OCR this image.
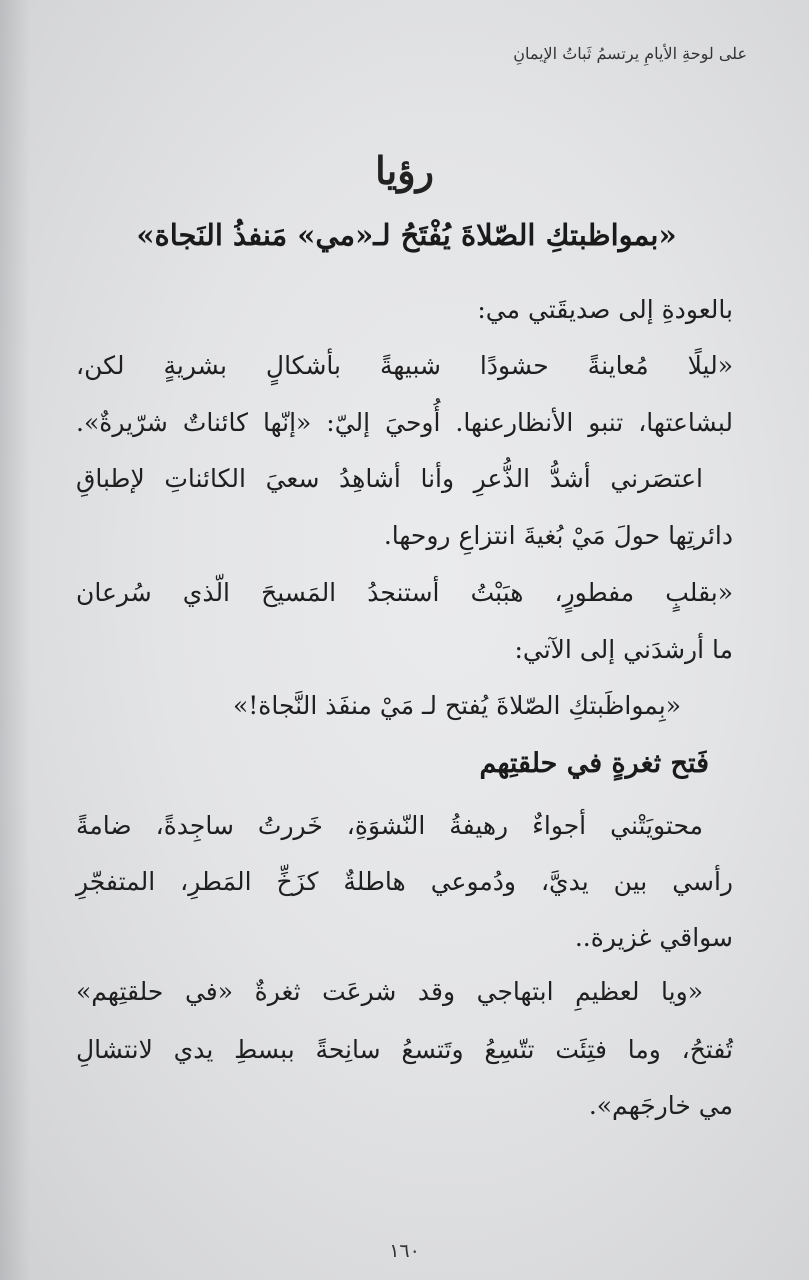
على لوحةِ الأيامِ يرتسمُ ثَباتُ الإيمانِ
رؤيا
«بمواظبتكِ الصّلاةَ يُفْتَحُ لـ«مي» مَنفذُ النَجاة»
بالعودةِ إلى صديقَتي مي:
«ليلًا مُعاينةً حشودًا شبيهةً بأشكالٍ بشريةٍ لكن،
لبشاعتها، تنبو الأنظارعنها. أُوحيَ إليّ: «إنّها كائناتٌ شرّيرةٌ».
اعتصَرني أشدُّ الذُّعرِ وأنا أشاهِدُ سعيَ الكائناتِ لإطباقِ
دائرتِها حولَ مَيْ بُغيةَ انتزاعِ روحها.
«بقلبٍ مفطورٍ، هبَبْتُ أستنجدُ المَسيحَ الّذي سُرعان
ما أرشدَني إلى الآتي:
«بِمواظَبتكِ الصّلاةَ يُفتح لـ مَيْ منفَذ النَّجاة!»
فَتح ثغرةٍ في حلقتِهم
محتويَتْني أجواءٌ رهيفةُ النّشوَةِ، خَررتُ ساجِدةً، ضامةً
رأسي بين يديَّ، ودُموعي هاطلةٌ كزَخِّ المَطرِ، المتفجّرِ
سواقي غزيرة..
«ويا لعظيمِ ابتهاجي وقد شرعَت ثغرةٌ «في حلقتِهم»
تُفتحُ، وما فتِئَت تتّسِعُ وتَتسعُ سانِحةً ببسطِ يدي لانتشالِ
مي خارجَهم».
١٦٠
